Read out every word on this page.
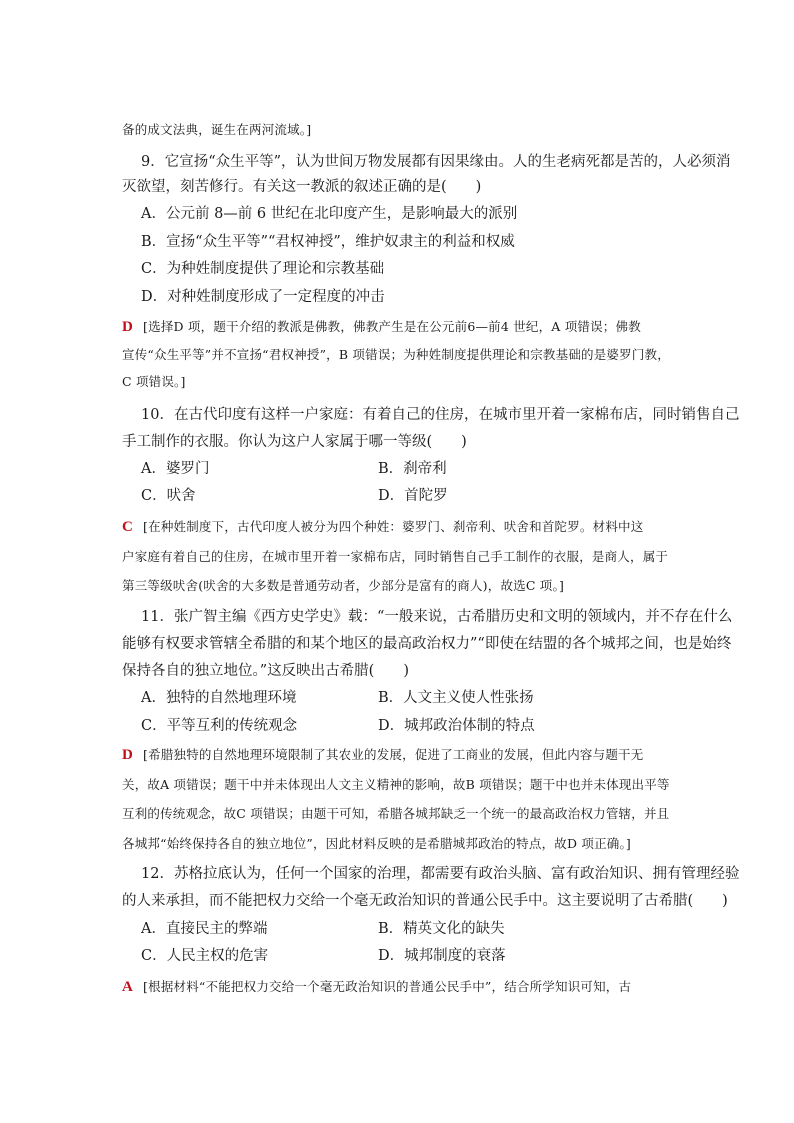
备的成文法典，诞生在两河流域。]
9．它宣扬“众生平等”，认为世间万物发展都有因果缘由。人的生老病死都是苦的，人必须消
灭欲望，刻苦修行。有关这一教派的叙述正确的是(　　)
A．公元前 8—前 6 世纪在北印度产生，是影响最大的派别
B．宣扬“众生平等”“君权神授”，维护奴隶主的利益和权威
C．为种姓制度提供了理论和宗教基础
D．对种姓制度形成了一定程度的冲击
D [选择D 项，题干介绍的教派是佛教，佛教产生是在公元前6—前4 世纪，A 项错误；佛教
宣传“众生平等”并不宣扬“君权神授”，B 项错误；为种姓制度提供理论和宗教基础的是婆罗门教，
C 项错误。]
10．在古代印度有这样一户家庭：有着自己的住房，在城市里开着一家棉布店，同时销售自己
手工制作的衣服。你认为这户人家属于哪一等级(　　)
A．婆罗门	B．刹帝利
C．吠舍	D．首陀罗
C [在种姓制度下，古代印度人被分为四个种姓：婆罗门、刹帝利、吠舍和首陀罗。材料中这
户家庭有着自己的住房，在城市里开着一家棉布店，同时销售自己手工制作的衣服，是商人，属于
第三等级吠舍(吠舍的大多数是普通劳动者，少部分是富有的商人)，故选C 项。]
11．张广智主编《西方史学史》载：“一般来说，古希腊历史和文明的领域内，并不存在什么
能够有权要求管辖全希腊的和某个地区的最高政治权力”“即使在结盟的各个城邦之间，也是始终
保持各自的独立地位。”这反映出古希腊(　　)
A．独特的自然地理环境	B．人文主义使人性张扬
C．平等互利的传统观念	D．城邦政治体制的特点
D [希腊独特的自然地理环境限制了其农业的发展，促进了工商业的发展，但此内容与题干无
关，故A 项错误；题干中并未体现出人文主义精神的影响，故B 项错误；题干中也并未体现出平等
互利的传统观念，故C 项错误；由题干可知，希腊各城邦缺乏一个统一的最高政治权力管辖，并且
各城邦“始终保持各自的独立地位”，因此材料反映的是希腊城邦政治的特点，故D 项正确。]
12．苏格拉底认为，任何一个国家的治理，都需要有政治头脑、富有政治知识、拥有管理经验
的人来承担，而不能把权力交给一个毫无政治知识的普通公民手中。这主要说明了古希腊(　　)
A．直接民主的弊端	B．精英文化的缺失
C．人民主权的危害	D．城邦制度的衰落
A [根据材料“不能把权力交给一个毫无政治知识的普通公民手中”，结合所学知识可知，古
